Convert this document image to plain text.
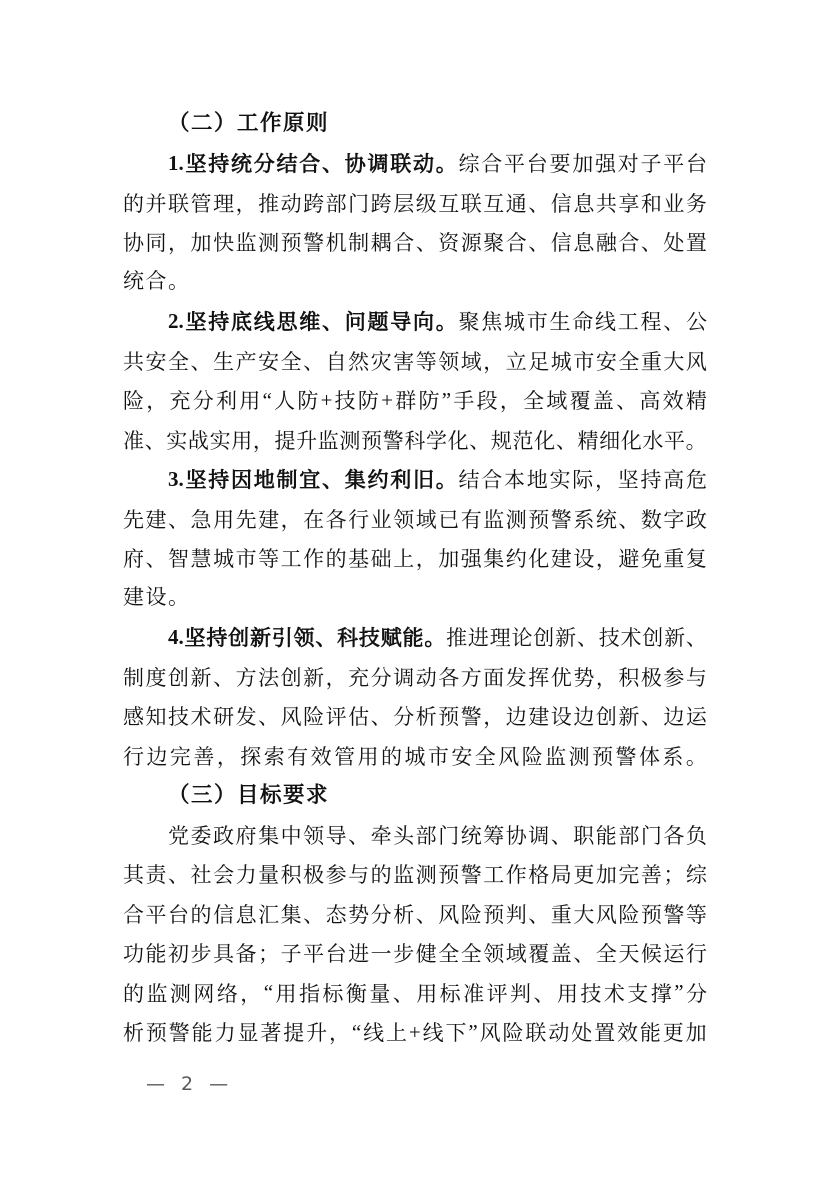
（二）工作原则
1. 坚 持 统 分 结 合 、 协 调 联 动 。 综 合 平 台 要 加 强 对 子 平 台
的 并 联 管 理 ， 推 动 跨 部 门 跨 层 级 互 联 互 通 、 信 息 共 享 和 业 务
协 同 ， 加 快 监 测 预 警 机 制 耦 合 、 资 源 聚 合 、 信 息 融 合 、 处 置
统合。
2. 坚 持 底 线 思 维 、 问 题 导 向 。 聚 焦 城 市 生 命 线 工 程 、 公
共 安 全 、 生 产 安 全 、 自 然 灾 害 等 领 域 ， 立 足 城 市 安 全 重 大 风
险 ， 充 分 利 用 “ 人 防 + 技 防 + 群 防 ” 手 段 ， 全 域 覆 盖 、 高 效 精
准 、 实 战 实 用 ， 提 升 监 测 预 警 科 学 化 、 规 范 化 、 精 细 化 水 平 。
3. 坚 持 因 地 制 宜 、 集 约 利 旧 。 结 合 本 地 实 际 ， 坚 持 高 危
先 建 、 急 用 先 建 ， 在 各 行 业 领 域 已 有 监 测 预 警 系 统 、 数 字 政
府 、 智 慧 城 市 等 工 作 的 基 础 上 ， 加 强 集 约 化 建 设 ， 避 免 重 复
建设。
4. 坚 持 创 新 引 领 、 科 技 赋 能 。 推 进 理 论 创 新 、 技 术 创 新 、
制 度 创 新 、 方 法 创 新 ， 充 分 调 动 各 方 面 发 挥 优 势 ， 积 极 参 与
感 知 技 术 研 发 、 风 险 评 估 、 分 析 预 警 ， 边 建 设 边 创 新 、 边 运
行 边 完 善 ， 探 索 有 效 管 用 的 城 市 安 全 风 险 监 测 预 警 体 系 。
（三）目标要求
党 委 政 府 集 中 领 导 、 牵 头 部 门 统 筹 协 调 、 职 能 部 门 各 负
其 责 、 社 会 力 量 积 极 参 与 的 监 测 预 警 工 作 格 局 更 加 完 善 ； 综
合 平 台 的 信 息 汇 集 、 态 势 分 析 、 风 险 预 判 、 重 大 风 险 预 警 等
功 能 初 步 具 备 ； 子 平 台 进 一 步 健 全 全 领 域 覆 盖 、 全 天 候 运 行
的 监 测 网 络 ， “ 用 指 标 衡 量 、 用 标 准 评 判 、 用 技 术 支 撑 ” 分
析 预 警 能 力 显 著 提 升 ， “ 线 上 + 线 下 ” 风 险 联 动 处 置 效 能 更 加
— 2 —
